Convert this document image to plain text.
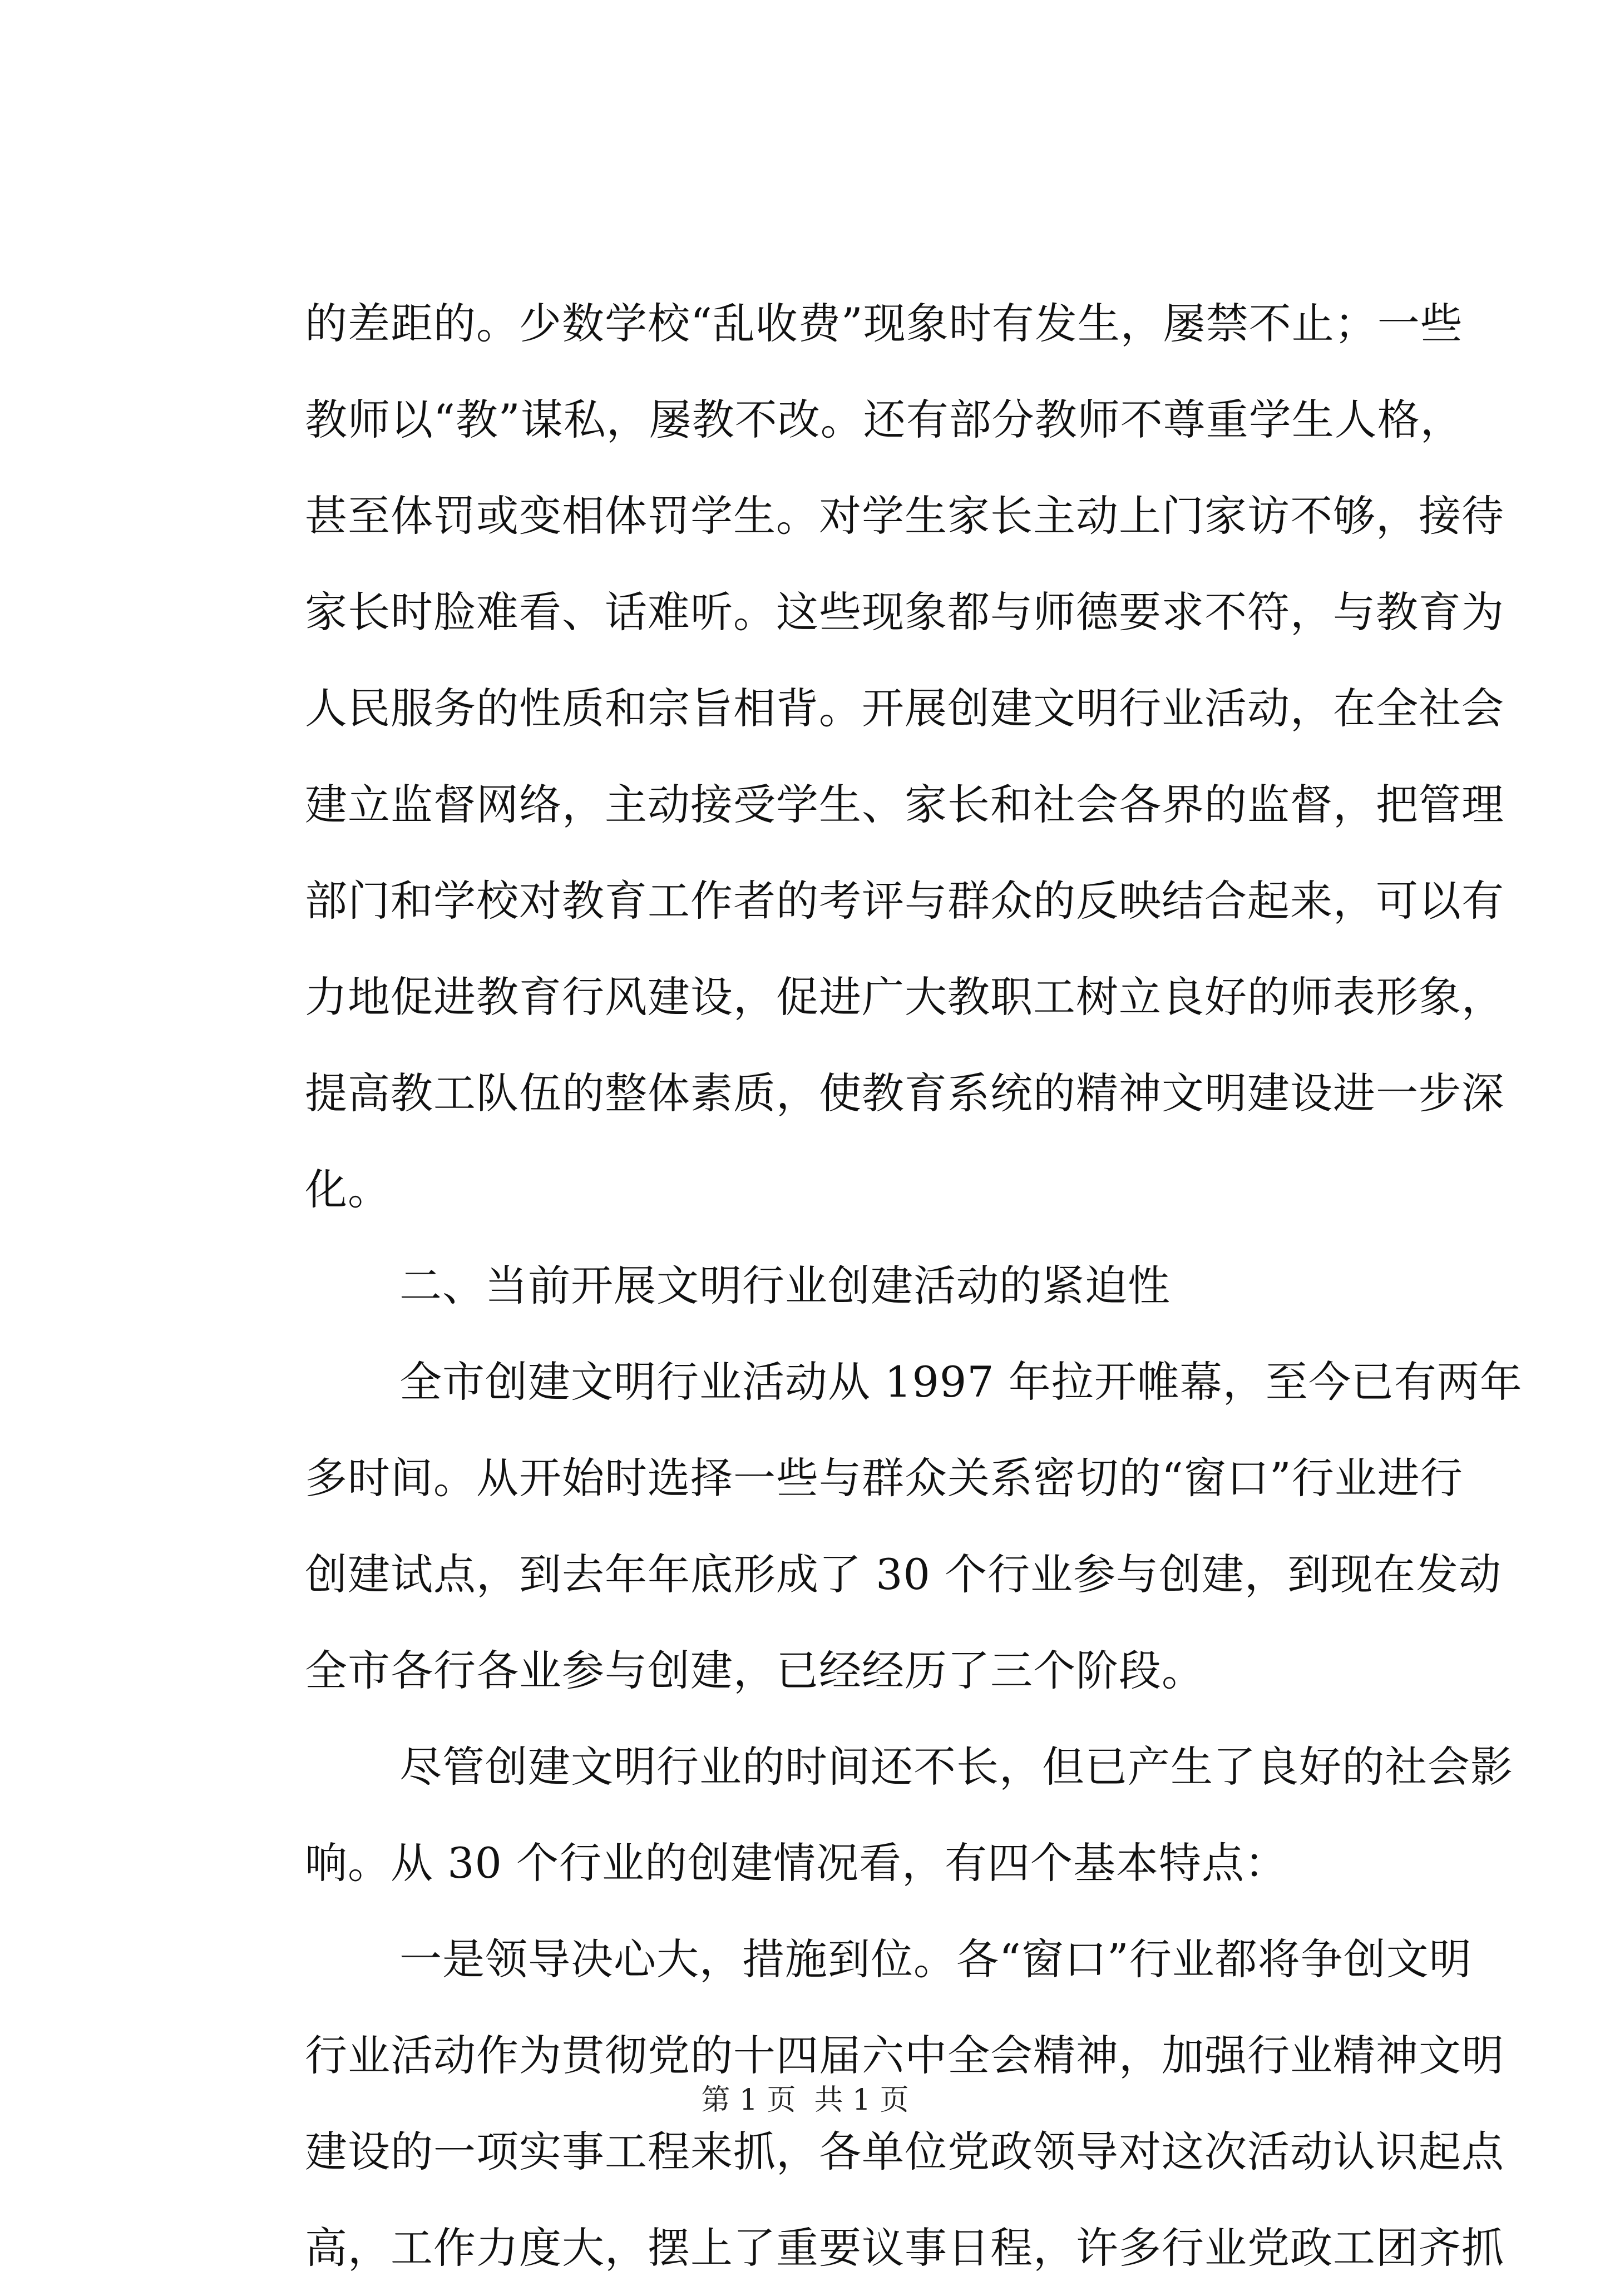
的差距的。少数学校“乱收费”现象时有发生，屡禁不止；一些
教师以“教”谋私，屡教不改。还有部分教师不尊重学生人格，
甚至体罚或变相体罚学生。对学生家长主动上门家访不够，接待
家长时脸难看、话难听。这些现象都与师德要求不符，与教育为
人民服务的性质和宗旨相背。开展创建文明行业活动，在全社会
建立监督网络，主动接受学生、家长和社会各界的监督，把管理
部门和学校对教育工作者的考评与群众的反映结合起来，可以有
力地促进教育行风建设，促进广大教职工树立良好的师表形象，
提高教工队伍的整体素质，使教育系统的精神文明建设进一步深
化。
二、当前开展文明行业创建活动的紧迫性
全市创建文明行业活动从 1997 年拉开帷幕，至今已有两年
多时间。从开始时选择一些与群众关系密切的“窗口”行业进行
创建试点，到去年年底形成了 30 个行业参与创建，到现在发动
全市各行各业参与创建，已经经历了三个阶段。
尽管创建文明行业的时间还不长，但已产生了良好的社会影
响。从 30 个行业的创建情况看，有四个基本特点：
一是领导决心大，措施到位。各“窗口”行业都将争创文明
行业活动作为贯彻党的十四届六中全会精神，加强行业精神文明
建设的一项实事工程来抓，各单位党政领导对这次活动认识起点
高，工作力度大，摆上了重要议事日程，许多行业党政工团齐抓
第 1 页  共 1 页
